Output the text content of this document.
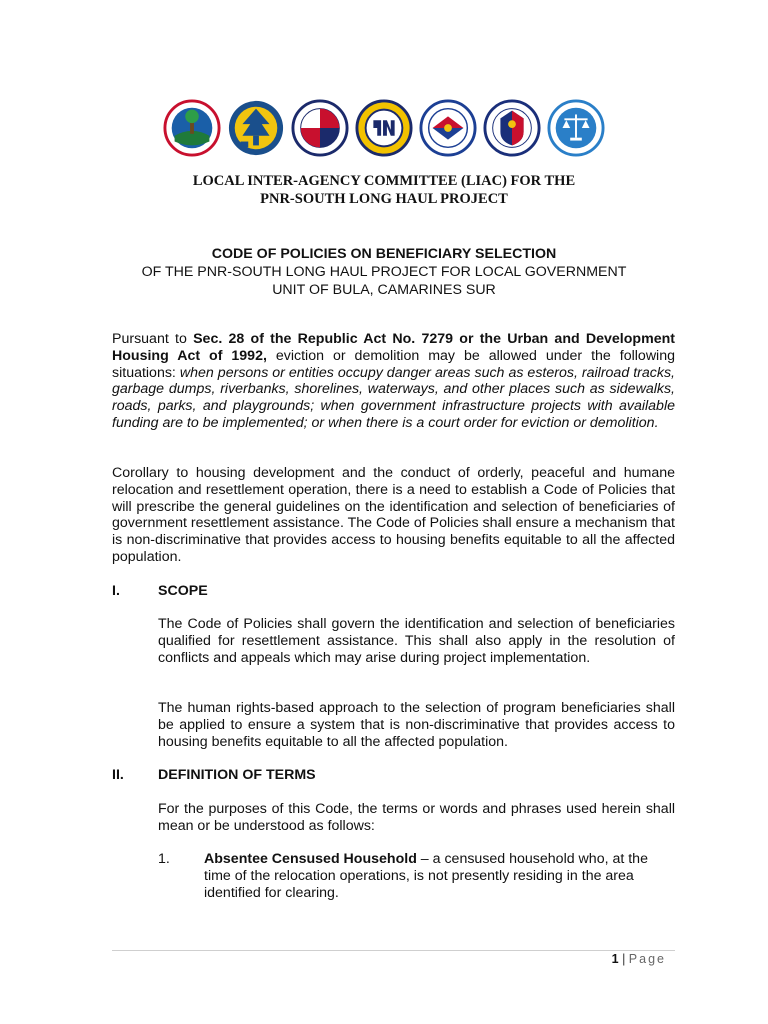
LOCAL INTER-AGENCY COMMITTEE (LIAC) FOR THE
PNR-SOUTH LONG HAUL PROJECT
CODE OF POLICIES ON BENEFICIARY SELECTION
OF THE PNR-SOUTH LONG HAUL PROJECT FOR LOCAL GOVERNMENT
UNIT OF BULA, CAMARINES SUR

Pursuant to Sec. 28 of the Republic Act No. 7279 or the Urban and Development Housing Act of 1992, eviction or demolition may be allowed under the following situations: when persons or entities occupy danger areas such as esteros, railroad tracks, garbage dumps, riverbanks, shorelines, waterways, and other places such as sidewalks, roads, parks, and playgrounds; when government infrastructure projects with available funding are to be implemented; or when there is a court order for eviction or demolition.

Corollary to housing development and the conduct of orderly, peaceful and humane relocation and resettlement operation, there is a need to establish a Code of Policies that will prescribe the general guidelines on the identification and selection of beneficiaries of government resettlement assistance. The Code of Policies shall ensure a mechanism that is non-discriminative that provides access to housing benefits equitable to all the affected population.

I.	SCOPE

The Code of Policies shall govern the identification and selection of beneficiaries qualified for resettlement assistance. This shall also apply in the resolution of conflicts and appeals which may arise during project implementation.

The human rights-based approach to the selection of program beneficiaries shall be applied to ensure a system that is non-discriminative that provides access to housing benefits equitable to all the affected population.

II. DEFINITION OF TERMS

For the purposes of this Code, the terms or words and phrases used herein shall mean or be understood as follows:

1.	Absentee Censused Household – a censused household who, at the time of the relocation operations, is not presently residing in the area identified for clearing.
1 | Page
